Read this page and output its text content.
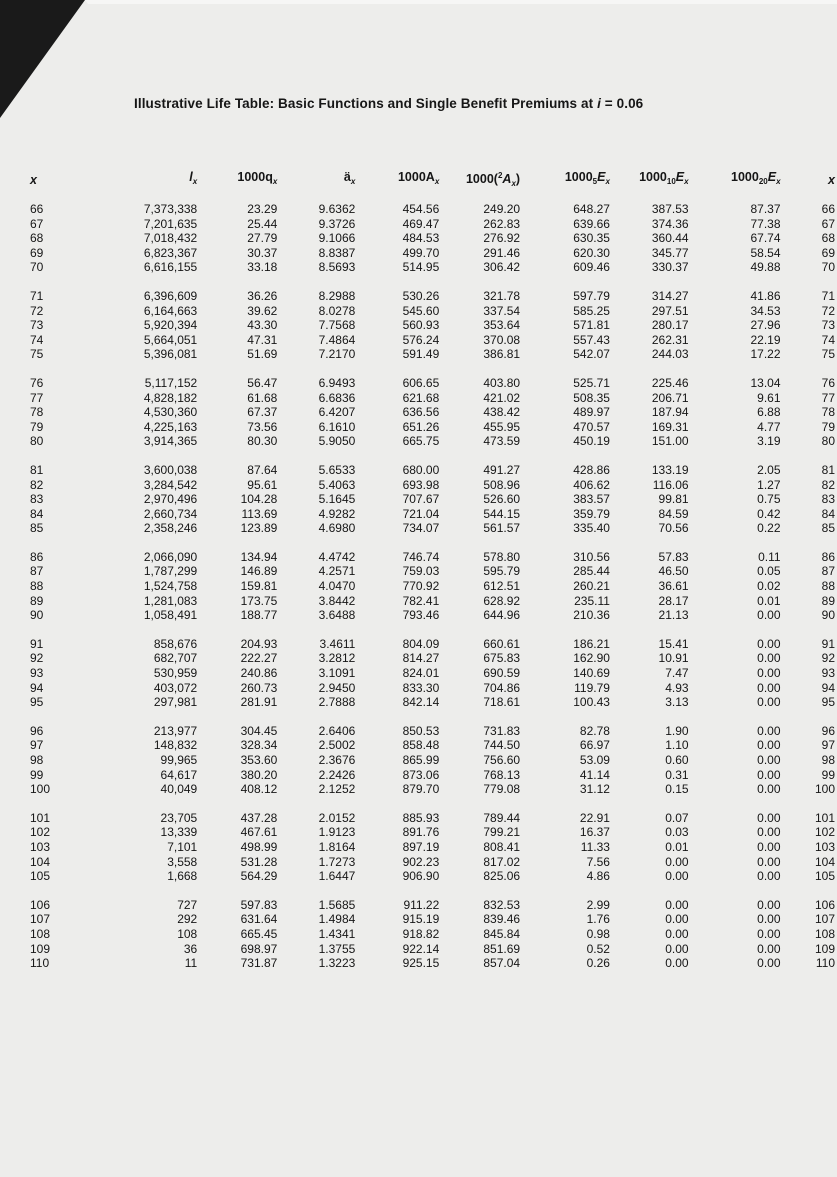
Illustrative Life Table: Basic Functions and Single Benefit Premiums at i = 0.06
x	$l_x$	$1000q_x$	$ä_x$	$1000A_x$	$1000(^2A_x)$	$1000_5E_x$	$1000_{10}E_x$	$1000_{20}E_x$	x
66	7,373,338	23.29	9.6362	454.56	249.20	648.27	387.53	87.37	66
67	7,201,635	25.44	9.3726	469.47	262.83	639.66	374.36	77.38	67
68	7,018,432	27.79	9.1066	484.53	276.92	630.35	360.44	67.74	68
69	6,823,367	30.37	8.8387	499.70	291.46	620.30	345.77	58.54	69
70	6,616,155	33.18	8.5693	514.95	306.42	609.46	330.37	49.88	70
71	6,396,609	36.26	8.2988	530.26	321.78	597.79	314.27	41.86	71
72	6,164,663	39.62	8.0278	545.60	337.54	585.25	297.51	34.53	72
73	5,920,394	43.30	7.7568	560.93	353.64	571.81	280.17	27.96	73
74	5,664,051	47.31	7.4864	576.24	370.08	557.43	262.31	22.19	74
75	5,396,081	51.69	7.2170	591.49	386.81	542.07	244.03	17.22	75
76	5,117,152	56.47	6.9493	606.65	403.80	525.71	225.46	13.04	76
77	4,828,182	61.68	6.6836	621.68	421.02	508.35	206.71	9.61	77
78	4,530,360	67.37	6.4207	636.56	438.42	489.97	187.94	6.88	78
79	4,225,163	73.56	6.1610	651.26	455.95	470.57	169.31	4.77	79
80	3,914,365	80.30	5.9050	665.75	473.59	450.19	151.00	3.19	80
81	3,600,038	87.64	5.6533	680.00	491.27	428.86	133.19	2.05	81
82	3,284,542	95.61	5.4063	693.98	508.96	406.62	116.06	1.27	82
83	2,970,496	104.28	5.1645	707.67	526.60	383.57	99.81	0.75	83
84	2,660,734	113.69	4.9282	721.04	544.15	359.79	84.59	0.42	84
85	2,358,246	123.89	4.6980	734.07	561.57	335.40	70.56	0.22	85
86	2,066,090	134.94	4.4742	746.74	578.80	310.56	57.83	0.11	86
87	1,787,299	146.89	4.2571	759.03	595.79	285.44	46.50	0.05	87
88	1,524,758	159.81	4.0470	770.92	612.51	260.21	36.61	0.02	88
89	1,281,083	173.75	3.8442	782.41	628.92	235.11	28.17	0.01	89
90	1,058,491	188.77	3.6488	793.46	644.96	210.36	21.13	0.00	90
91	858,676	204.93	3.4611	804.09	660.61	186.21	15.41	0.00	91
92	682,707	222.27	3.2812	814.27	675.83	162.90	10.91	0.00	92
93	530,959	240.86	3.1091	824.01	690.59	140.69	7.47	0.00	93
94	403,072	260.73	2.9450	833.30	704.86	119.79	4.93	0.00	94
95	297,981	281.91	2.7888	842.14	718.61	100.43	3.13	0.00	95
96	213,977	304.45	2.6406	850.53	731.83	82.78	1.90	0.00	96
97	148,832	328.34	2.5002	858.48	744.50	66.97	1.10	0.00	97
98	99,965	353.60	2.3676	865.99	756.60	53.09	0.60	0.00	98
99	64,617	380.20	2.2426	873.06	768.13	41.14	0.31	0.00	99
100	40,049	408.12	2.1252	879.70	779.08	31.12	0.15	0.00	100
101	23,705	437.28	2.0152	885.93	789.44	22.91	0.07	0.00	101
102	13,339	467.61	1.9123	891.76	799.21	16.37	0.03	0.00	102
103	7,101	498.99	1.8164	897.19	808.41	11.33	0.01	0.00	103
104	3,558	531.28	1.7273	902.23	817.02	7.56	0.00	0.00	104
105	1,668	564.29	1.6447	906.90	825.06	4.86	0.00	0.00	105
106	727	597.83	1.5685	911.22	832.53	2.99	0.00	0.00	106
107	292	631.64	1.4984	915.19	839.46	1.76	0.00	0.00	107
108	108	665.45	1.4341	918.82	845.84	0.98	0.00	0.00	108
109	36	698.97	1.3755	922.14	851.69	0.52	0.00	0.00	109
110	11	731.87	1.3223	925.15	857.04	0.26	0.00	0.00	110
